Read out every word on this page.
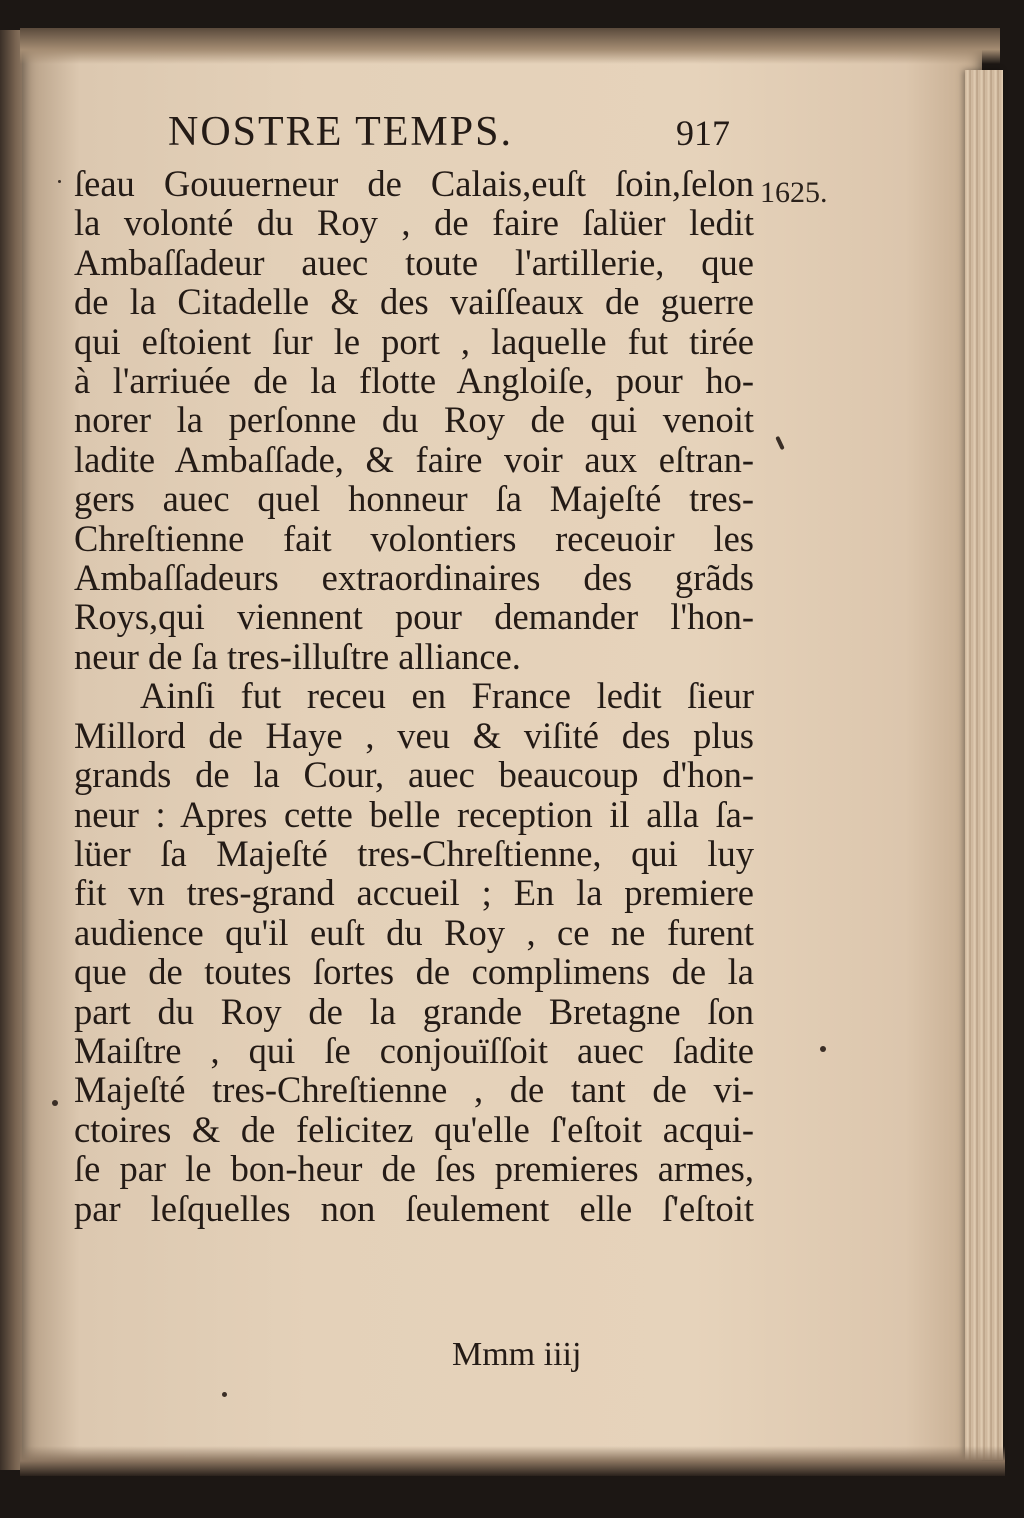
NOSTRE TEMPS.	917
ſeau Gouuerneur de Calais,euſt ſoin,ſelon
la volonté du Roy , de faire ſalüer ledit
Ambaſſadeur auec toute l'artillerie, que
de la Citadelle & des vaiſſeaux de guerre
qui eſtoient ſur le port , laquelle fut tirée
à l'arriuée de la flotte Angloiſe, pour ho-
norer la perſonne du Roy de qui venoit
ladite Ambaſſade, & faire voir aux eſtran-
gers auec quel honneur ſa Majeſté tres-
Chreſtienne fait volontiers receuoir les
Ambaſſadeurs extraordinaires des grãds
Roys,qui viennent pour demander l'hon-
neur de ſa tres-illuſtre alliance.
Ainſi fut receu en France ledit ſieur
Millord de Haye , veu & viſité des plus
grands de la Cour, auec beaucoup d'hon-
neur : Apres cette belle reception il alla ſa-
lüer ſa Majeſté tres-Chreſtienne, qui luy
fit vn tres-grand accueil ; En la premiere
audience qu'il euſt du Roy , ce ne furent
que de toutes ſortes de complimens de la
part du Roy de la grande Bretagne ſon
Maiſtre , qui ſe conjouïſſoit auec ſadite
Majeſté tres-Chreſtienne , de tant de vi-
ctoires & de felicitez qu'elle ſ'eſtoit acqui-
ſe par le bon-heur de ſes premieres armes,
par leſquelles non ſeulement elle ſ'eſtoit
Mmm iiij
1625.
